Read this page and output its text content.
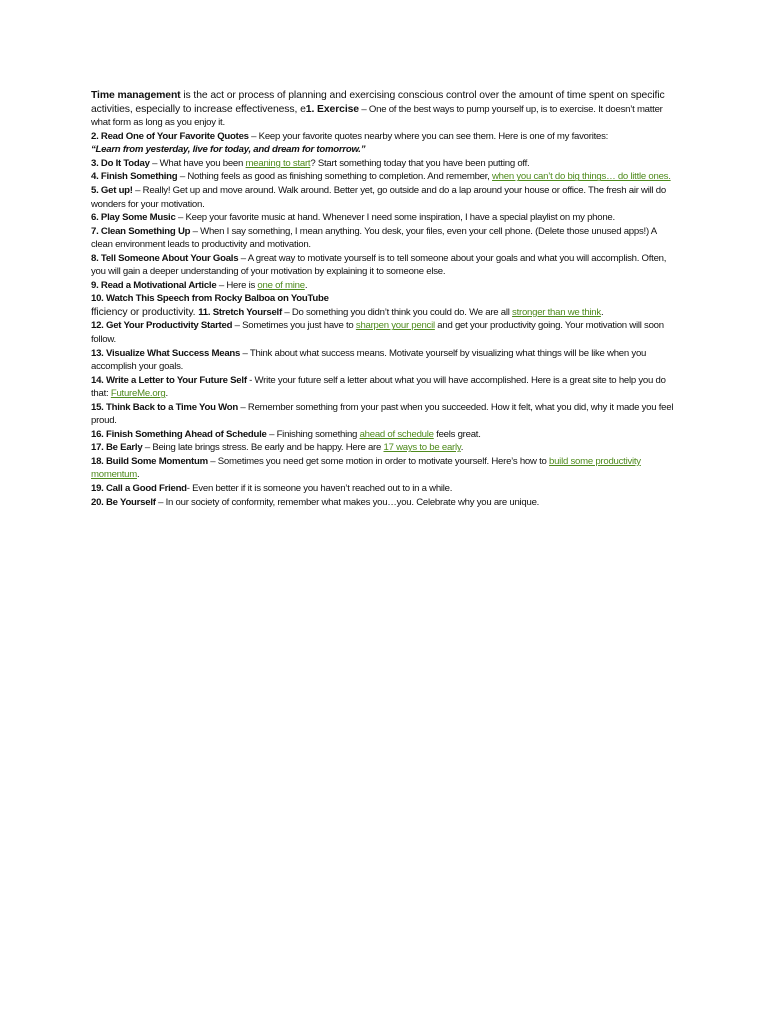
Time management is the act or process of planning and exercising conscious control over the amount of time spent on specific activities, especially to increase effectiveness, e1. Exercise – One of the best ways to pump yourself up, is to exercise. It doesn’t matter what form as long as you enjoy it.
2. Read One of Your Favorite Quotes – Keep your favorite quotes nearby where you can see them. Here is one of my favorites:
“Learn from yesterday, live for today, and dream for tomorrow.”
3. Do It Today – What have you been meaning to start? Start something today that you have been putting off.
4. Finish Something – Nothing feels as good as finishing something to completion. And remember, when you can’t do big things… do little ones.
5. Get up! – Really! Get up and move around. Walk around. Better yet, go outside and do a lap around your house or office. The fresh air will do wonders for your motivation.
6. Play Some Music – Keep your favorite music at hand. Whenever I need some inspiration, I have a special playlist on my phone.
7. Clean Something Up – When I say something, I mean anything. You desk, your files, even your cell phone. (Delete those unused apps!) A clean environment leads to productivity and motivation.
8. Tell Someone About Your Goals – A great way to motivate yourself is to tell someone about your goals and what you will accomplish. Often, you will gain a deeper understanding of your motivation by explaining it to someone else.
9. Read a Motivational Article – Here is one of mine.
10. Watch This Speech from Rocky Balboa on YouTube
fficiency or productivity. 11. Stretch Yourself – Do something you didn’t think you could do. We are all stronger than we think.
12. Get Your Productivity Started – Sometimes you just have to sharpen your pencil and get your productivity going. Your motivation will soon follow.
13. Visualize What Success Means – Think about what success means. Motivate yourself by visualizing what things will be like when you accomplish your goals.
14. Write a Letter to Your Future Self - Write your future self a letter about what you will have accomplished. Here is a great site to help you do that: FutureMe.org.
15. Think Back to a Time You Won – Remember something from your past when you succeeded. How it felt, what you did, why it made you feel proud.
16. Finish Something Ahead of Schedule – Finishing something ahead of schedule feels great.
17. Be Early – Being late brings stress. Be early and be happy. Here are 17 ways to be early.
18. Build Some Momentum – Sometimes you need get some motion in order to motivate yourself. Here’s how to build some productivity momentum.
19. Call a Good Friend- Even better if it is someone you haven’t reached out to in a while.
20. Be Yourself – In our society of conformity, remember what makes you…you. Celebrate why you are unique.
